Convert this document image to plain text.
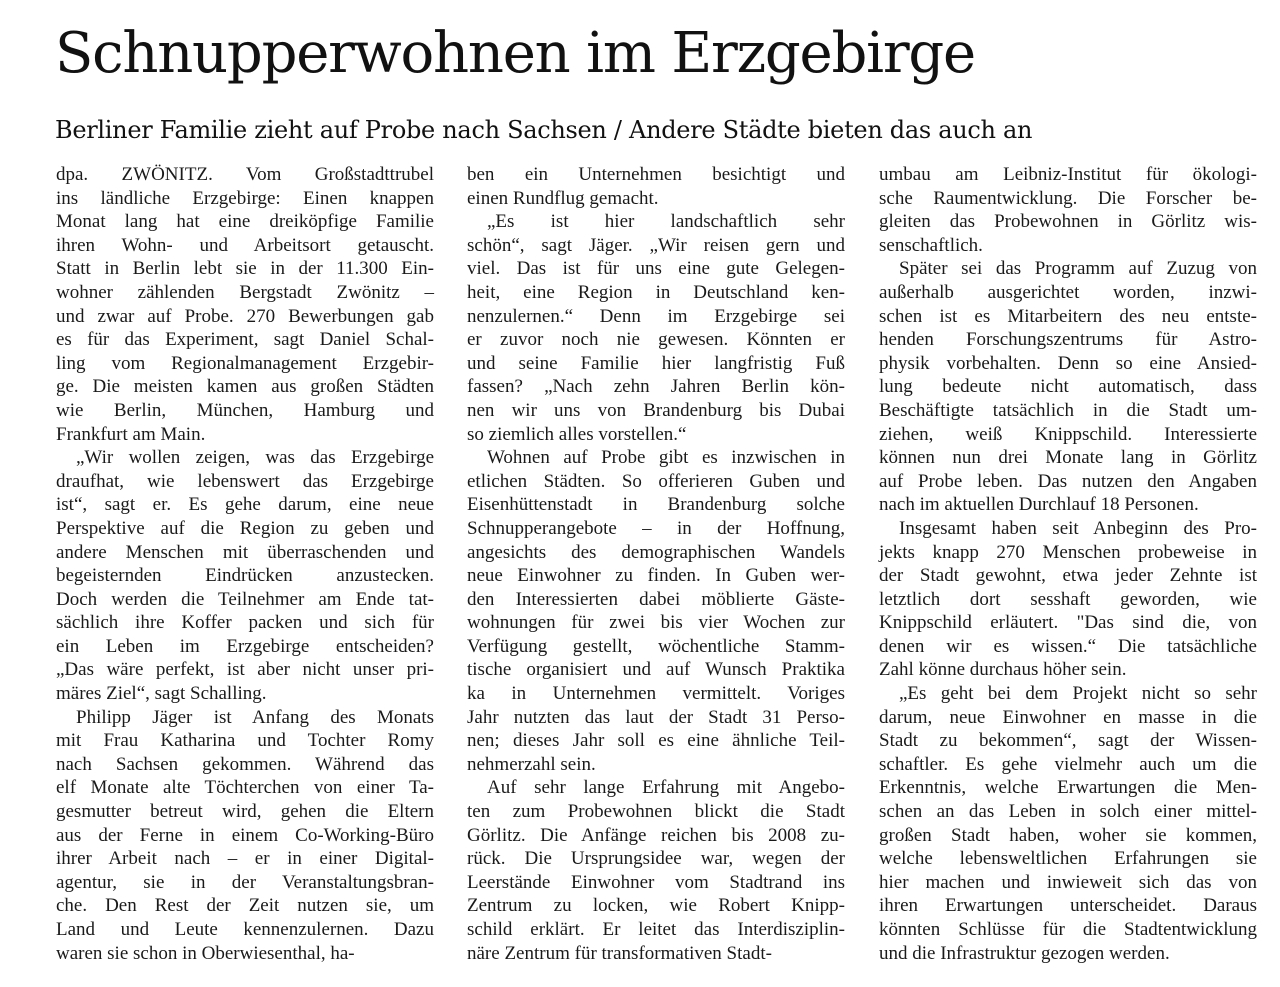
Schnupperwohnen im Erzgebirge
Berliner Familie zieht auf Probe nach Sachsen / Andere Städte bieten das auch an

dpa. ZWÖNITZ. Vom Großstadttrubel
ins ländliche Erzgebirge: Einen knappen
Monat lang hat eine dreiköpfige Familie
ihren Wohn- und Arbeitsort getauscht.
Statt in Berlin lebt sie in der 11.300 Ein-
wohner zählenden Bergstadt Zwönitz –
und zwar auf Probe. 270 Bewerbungen gab
es für das Experiment, sagt Daniel Schal-
ling vom Regionalmanagement Erzgebir-
ge. Die meisten kamen aus großen Städten
wie Berlin, München, Hamburg und
Frankfurt am Main.

„Wir wollen zeigen, was das Erzgebirge
draufhat, wie lebenswert das Erzgebirge
ist“, sagt er. Es gehe darum, eine neue
Perspektive auf die Region zu geben und
andere Menschen mit überraschenden und
begeisternden Eindrücken anzustecken.
Doch werden die Teilnehmer am Ende tat-
sächlich ihre Koffer packen und sich für
ein Leben im Erzgebirge entscheiden?
„Das wäre perfekt, ist aber nicht unser pri-
märes Ziel“, sagt Schalling.

Philipp Jäger ist Anfang des Monats
mit Frau Katharina und Tochter Romy
nach Sachsen gekommen. Während das
elf Monate alte Töchterchen von einer Ta-
gesmutter betreut wird, gehen die Eltern
aus der Ferne in einem Co-Working-Büro
ihrer Arbeit nach – er in einer Digital-
agentur, sie in der Veranstaltungsbran-
che. Den Rest der Zeit nutzen sie, um
Land und Leute kennenzulernen. Dazu
waren sie schon in Oberwiesenthal, ha-

ben ein Unternehmen besichtigt und
einen Rundflug gemacht.

„Es ist hier landschaftlich sehr
schön“, sagt Jäger. „Wir reisen gern und
viel. Das ist für uns eine gute Gelegen-
heit, eine Region in Deutschland ken-
nenzulernen.“ Denn im Erzgebirge sei
er zuvor noch nie gewesen. Könnten er
und seine Familie hier langfristig Fuß
fassen? „Nach zehn Jahren Berlin kön-
nen wir uns von Brandenburg bis Dubai
so ziemlich alles vorstellen.“

Wohnen auf Probe gibt es inzwischen in
etlichen Städten. So offerieren Guben und
Eisenhüttenstadt in Brandenburg solche
Schnupperangebote – in der Hoffnung,
angesichts des demographischen Wandels
neue Einwohner zu finden. In Guben wer-
den Interessierten dabei möblierte Gäste-
wohnungen für zwei bis vier Wochen zur
Verfügung gestellt, wöchentliche Stamm-
tische organisiert und auf Wunsch Praktika
ka in Unternehmen vermittelt. Voriges
Jahr nutzten das laut der Stadt 31 Perso-
nen; dieses Jahr soll es eine ähnliche Teil-
nehmerzahl sein.

Auf sehr lange Erfahrung mit Angebo-
ten zum Probewohnen blickt die Stadt
Görlitz. Die Anfänge reichen bis 2008 zu-
rück. Die Ursprungsidee war, wegen der
Leerstände Einwohner vom Stadtrand ins
Zentrum zu locken, wie Robert Knipp-
schild erklärt. Er leitet das Interdisziplin-
näre Zentrum für transformativen Stadt-

umbau am Leibniz-Institut für ökologi-
sche Raumentwicklung. Die Forscher be-
gleiten das Probewohnen in Görlitz wis-
senschaftlich.

Später sei das Programm auf Zuzug von
außerhalb ausgerichtet worden, inzwi-
schen ist es Mitarbeitern des neu entste-
henden Forschungszentrums für Astro-
physik vorbehalten. Denn so eine Ansied-
lung bedeute nicht automatisch, dass
Beschäftigte tatsächlich in die Stadt um-
ziehen, weiß Knippschild. Interessierte
können nun drei Monate lang in Görlitz
auf Probe leben. Das nutzen den Angaben
nach im aktuellen Durchlauf 18 Personen.

Insgesamt haben seit Anbeginn des Pro-
jekts knapp 270 Menschen probeweise in
der Stadt gewohnt, etwa jeder Zehnte ist
letztlich dort sesshaft geworden, wie
Knippschild erläutert. "Das sind die, von
denen wir es wissen.“ Die tatsächliche
Zahl könne durchaus höher sein.

„Es geht bei dem Projekt nicht so sehr
darum, neue Einwohner en masse in die
Stadt zu bekommen“, sagt der Wissen-
schaftler. Es gehe vielmehr auch um die
Erkenntnis, welche Erwartungen die Men-
schen an das Leben in solch einer mittel-
großen Stadt haben, woher sie kommen,
welche lebensweltlichen Erfahrungen sie
hier machen und inwieweit sich das von
ihren Erwartungen unterscheidet. Daraus
könnten Schlüsse für die Stadtentwicklung
und die Infrastruktur gezogen werden.
